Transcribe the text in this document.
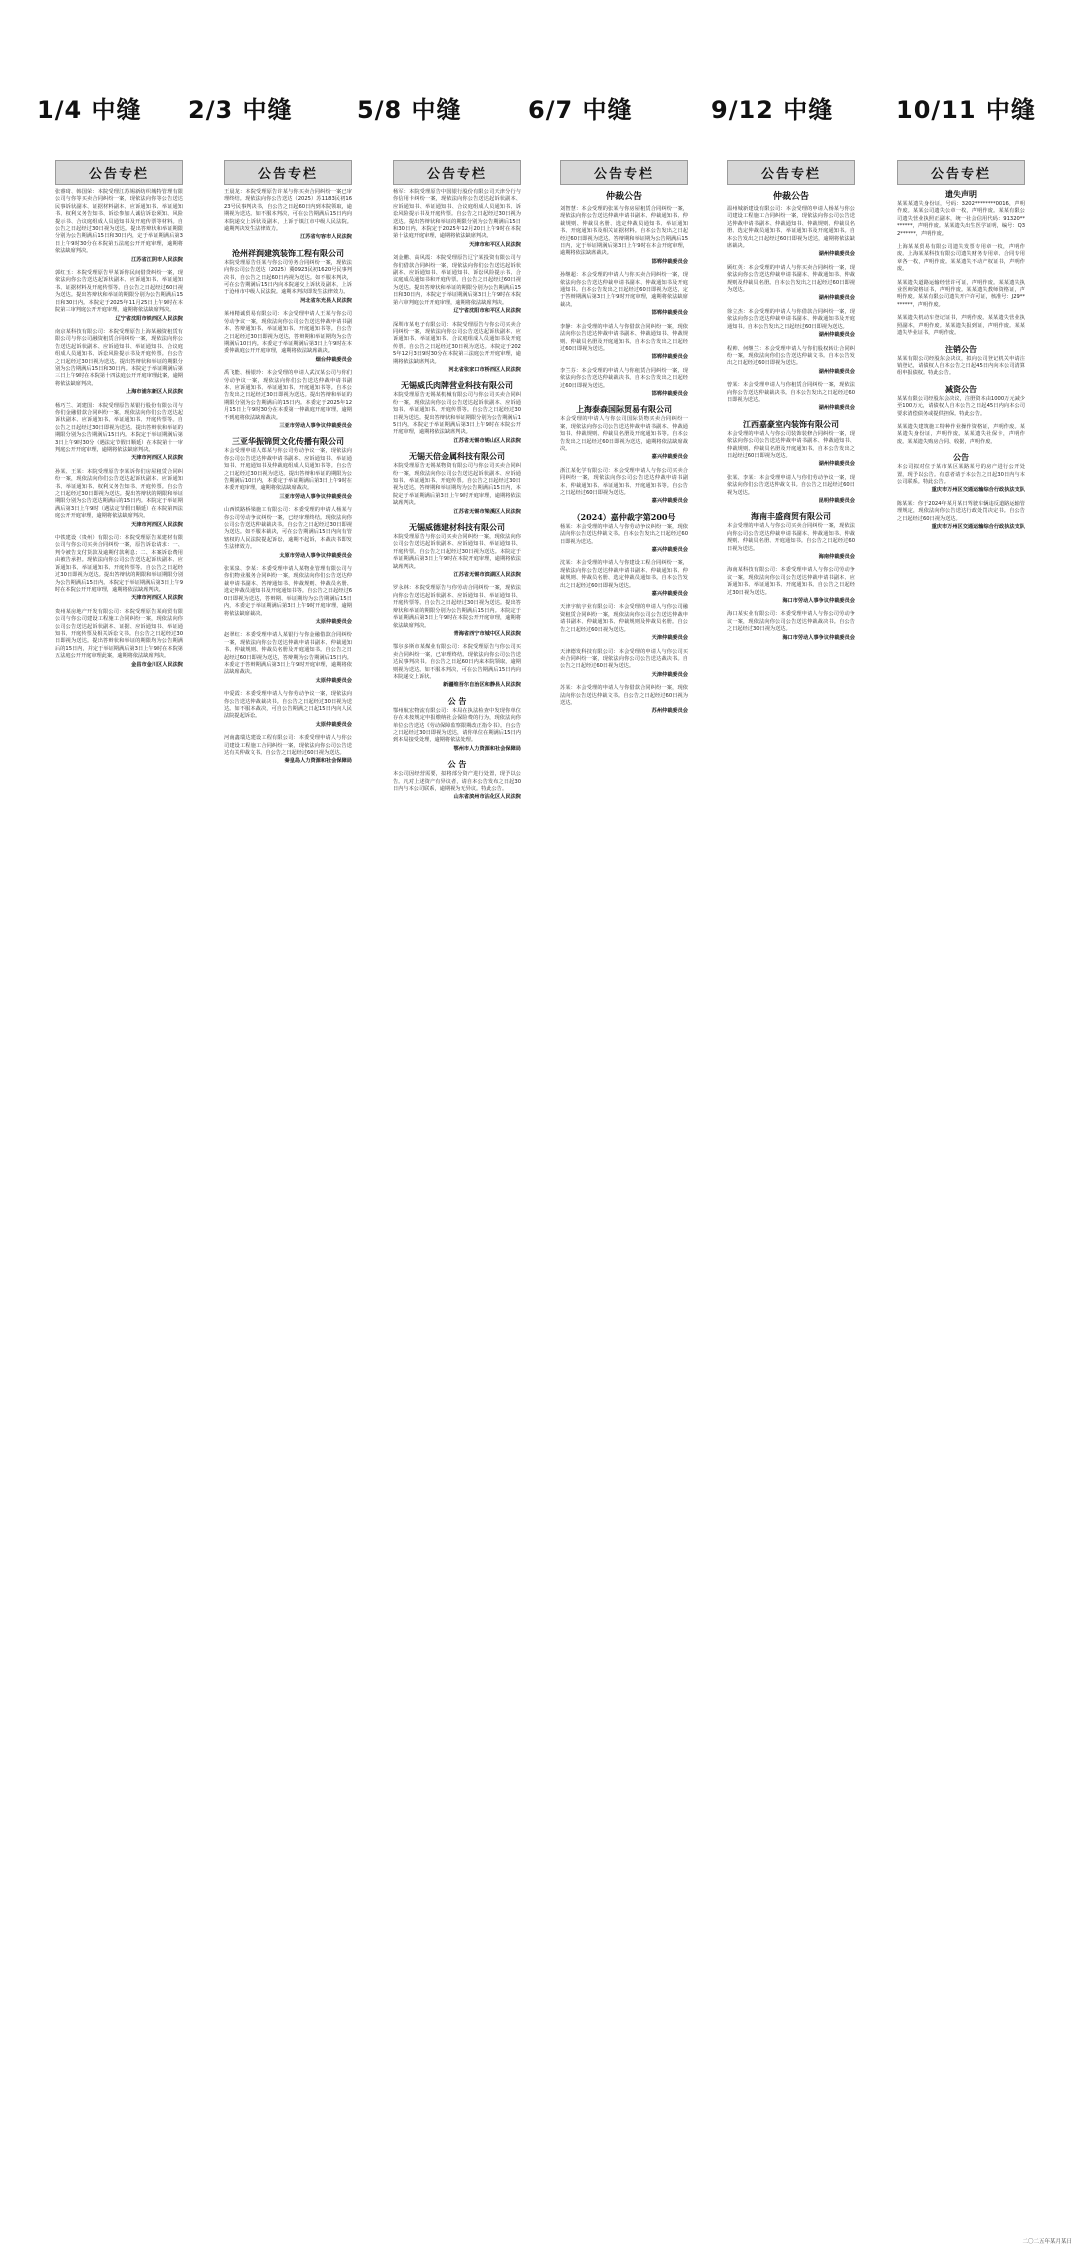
1/4 中缝 2/3 中缝	5/8 中缝	6/7 中缝	9/12 中缝	10/11 中缝
公告专栏

张睿琦、韩国荣：本院受理江苏锡新纺织城特管理有限公司与你等买卖合同纠纷一案，现依法向你等公告送达民事诉状副本、证据材料副本、应诉通知书、举证通知书、权利义务告知书、诉讼参加人诚信诉讼须知、风险提示书、合议庭组成人员通知书及开庭传票等材料。自公告之日起经过30日视为送达。提出答辩状和举证期限分别为公告期满后15日和30日内，定于举证期满后第3日上午9时30分在本院第五法庭公开开庭审理，逾期将依法缺席判决。

江苏省江阴市人民法院

郭红玉：本院受理原告甲某诉你民间借贷纠纷一案，现依法向你公告送达起诉状副本、应诉通知书、举证通知书、证据材料及开庭传票等。自公告之日起经过60日视为送达。提出答辩状和举证的期限分别为公告期满后15日和30日内。本院定于2025年11月25日上午9时在本院第三审判庭公开开庭审理，逾期将依法缺席判决。

辽宁省沈阳市铁西区人民法院

南京某科技有限公司：本院受理原告上海某融资租赁有限公司与你公司融资租赁合同纠纷一案，现依法向你公告送达起诉状副本、应诉通知书、举证通知书、合议庭组成人员通知书、诉讼风险提示书及开庭传票。自公告之日起经过30日视为送达。提出答辩状和举证的期限分别为公告期满后15日和30日内。本院定于举证期满后第三日上午9时在本院第十四法庭公开开庭审理此案，逾期将依法缺席判决。

上海市浦东新区人民法院

杨巧兰、刘建国：本院受理原告某银行股份有限公司与你们金融借款合同纠纷一案，现依法向你们公告送达起诉状副本、应诉通知书、举证通知书、开庭传票等。自公告之日起经过30日即视为送达。提出答辩状和举证的期限分别为公告期满后15日内。本院定于举证期满后第3日上午9时30分（遇法定节假日顺延）在本院第十一审判庭公开开庭审理，逾期将依法缺席判决。

天津市河西区人民法院

孙某、王某：本院受理原告李某诉你们房屋租赁合同纠纷一案，现依法向你们公告送达起诉状副本、应诉通知书、举证通知书、权利义务告知书、开庭传票。自公告之日起经过30日即视为送达。提出答辩状的期限和举证期限分别为公告送达期满后的15日内。本院定于举证期满后第3日上午9时（遇法定节假日顺延）在本院第四法庭公开开庭审理，逾期将依法缺席判决。

天津市河西区人民法院

中铁建设（贵州）有限公司：本院受理原告某建材有限公司与你公司买卖合同纠纷一案，原告诉讼请求：一、判令被告支付货款及逾期付款利息；二、本案诉讼费用由被告承担。现依法向你公司公告送达起诉状副本、应诉通知书、举证通知书、开庭传票等。自公告之日起经过30日即视为送达。提出答辩状的期限和举证期限分别为公告期满后15日内。本院定于举证期满后第3日上午9时在本院公开开庭审理，逾期将依法缺席判决。

天津市河西区人民法院

贵州某房地产开发有限公司：本院受理原告某商贸有限公司与你公司建设工程施工合同纠纷一案，现依法向你公司公告送达起诉状副本、证据、应诉通知书、举证通知书、开庭传票及相关诉讼文书。自公告之日起经过30日即视为送达。提出答辩状和举证的期限均为公告期满后的15日内，并定于举证期满后第3日上午9时在本院第五法庭公开开庭审理此案，逾期将依法缺席判决。

金昌市金川区人民法院
公告专栏

王晨龙：本院受理原告许某与你买卖合同纠纷一案已审理终结。现依法向你公告送达（2025）苏1183民初1623号民事判决书，自公告之日起60日内到本院领取，逾期视为送达。如不服本判决，可在公告期满后15日内向本院递交上诉状及副本，上诉于镇江市中级人民法院。逾期判决发生法律效力。

江苏省句容市人民法院
沧州祥润建筑装饰工程有限公司

本院受理原告任某与你公司劳务合同纠纷一案，现依法向你公司公告送达（2025）冀0923民初1620号民事判决书，自公告之日起60日内视为送达。如不服本判决，可在公告期满后15日内向本院递交上诉状及副本，上诉于沧州市中级人民法院。逾期本判决即发生法律效力。

河北省东光县人民法院

莱州精诚贸易有限公司：本会受理申请人王某与你公司劳动争议一案，现依法向你公司公告送达仲裁申请书副本、答辩通知书、举证通知书、开庭通知书等。自公告之日起经过30日即视为送达，答辩期和举证期均为公告期满后10日内。本委定于举证期满后第3日上午9时在本委仲裁庭公开开庭审理，逾期将依法缺席裁决。

烟台仲裁委员会

禹飞能、杨银玲：本会受理的申请人武汉某公司与你们劳动争议一案，现依法向你们公告送达仲裁申请书副本、应诉通知书、举证通知书、开庭通知书等。自本公告发出之日起经过30日即视为送达。提出答辩和举证的期限分别为公告期满后的15日内。本委定于2025年12月15日上午9时30分在本委第一仲裁庭开庭审理，逾期不到庭将依法缺席裁决。

三亚市劳动人事争议仲裁委员会
三亚华振锦贸文化传播有限公司

本会受理申请人郑某与你公司劳动争议一案，现依法向你公司公告送达仲裁申请书副本、应诉通知书、举证通知书、开庭通知书及仲裁庭组成人员通知书等。自公告之日起经过30日视为送达。提出答辩和举证的期限为公告期满后10日内，本委定于举证期满后第3日上午9时在本委开庭审理，逾期将依法缺席裁决。

三亚市劳动人事争议仲裁委员会

山西铁路桥梁施工有限公司：本委受理的申请人杨某与你公司劳动争议纠纷一案，已经审理终结。现依法向你公司公告送达仲裁裁决书。自公告之日起经过30日即视为送达。如不服本裁决，可在公告期满后15日内向有管辖权的人民法院提起诉讼，逾期不起诉，本裁决书即发生法律效力。

太原市劳动人事争议仲裁委员会

张某泉、李某：本委受理申请人某物业管理有限公司与你们物业服务合同纠纷一案，现依法向你们公告送达仲裁申请书副本、答辩通知书、仲裁规则、仲裁员名册、选定仲裁员通知书及开庭通知书等。自公告之日起经过60日即视为送达，答辩期、举证期均为公告期满后15日内，本委定于举证期满后第3日上午9时开庭审理，逾期将依法缺席裁决。

太原仲裁委员会

赵翠红：本委受理申请人某银行与你金融借款合同纠纷一案，现依法向你公告送达仲裁申请书副本、仲裁通知书、仲裁规则、仲裁员名册及开庭通知书。自公告之日起经过60日即视为送达，答辩期为公告期满后15日内。本委定于答辩期满后第3日上午9时开庭审理，逾期将依法缺席裁决。

太原仲裁委员会

申爱霞：本委受理申请人与你劳动争议一案，现依法向你公告送达仲裁裁决书。自公告之日起经过30日视为送达。如不服本裁决，可自公告期满之日起15日内向人民法院提起诉讼。

太原仲裁委员会

河南鑫瑞达建设工程有限公司：本委受理申请人与你公司建设工程施工合同纠纷一案，现依法向你公司公告送达有关仲裁文书。自公告之日起经过60日视为送达。

秦皇岛人力资源和社会保障局
公告专栏

杨军：本院受理原告中国银行股份有限公司天津分行与你信用卡纠纷一案，现依法向你公告送达起诉状副本、应诉通知书、举证通知书、合议庭组成人员通知书、诉讼风险提示书及开庭传票。自公告之日起经过30日视为送达。提出答辩状和举证的期限分别为公告期满后15日和30日内，本院定于2025年12月20日上午9时在本院第十法庭开庭审理，逾期将依法缺席判决。

天津市和平区人民法院

刘金鹏、高风霞：本院受理原告辽宁某投资有限公司与你们借款合同纠纷一案，现依法向你们公告送达起诉状副本、应诉通知书、举证通知书、诉讼风险提示书、合议庭成员通知书和开庭传票。自公告之日起经过60日视为送达。提出答辩状和举证的期限分别为公告期满后15日和30日内，本院定于举证期满后第3日上午9时在本院第六审判庭公开开庭审理，逾期将依法缺席判决。

辽宁省沈阳市和平区人民法院

深圳市某电子有限公司：本院受理原告与你公司买卖合同纠纷一案，现依法向你公司公告送达起诉状副本、应诉通知书、举证通知书、合议庭组成人员通知书及开庭传票。自公告之日起经过30日视为送达。本院定于2025年12月3日9时30分在本院第三法庭公开开庭审理，逾期将依法缺席判决。

河北省张家口市桥西区人民法院
无锡威氏肉牌营业科技有限公司

本院受理原告无锡某机械有限公司与你公司买卖合同纠纷一案，现依法向你公司公告送达起诉状副本、应诉通知书、举证通知书、开庭传票等。自公告之日起经过30日视为送达。提出答辩状和举证期限分别为公告期满后15日内，本院定于举证期满后第3日上午9时在本院公开开庭审理，逾期将依法缺席判决。

江苏省无锡市锡山区人民法院
无锡天倍金属科技有限公司

本院受理原告无锡某物资有限公司与你公司买卖合同纠纷一案，现依法向你公司公告送达起诉状副本、应诉通知书、举证通知书、开庭传票。自公告之日起经过30日视为送达，答辩期和举证期均为公告期满后15日内，本院定于举证期满后第3日上午9时开庭审理，逾期将依法缺席判决。

江苏省无锡市梁溪区人民法院
无锡威德建材科技有限公司

本院受理原告与你公司买卖合同纠纷一案，现依法向你公司公告送达起诉状副本、应诉通知书、举证通知书、开庭传票。自公告之日起经过30日视为送达。本院定于举证期满后第3日上午9时在本院开庭审理，逾期将依法缺席判决。

江苏省无锡市滨湖区人民法院

罗永林：本院受理原告与你劳动合同纠纷一案，现依法向你公告送达起诉状副本、应诉通知书、举证通知书、开庭传票等。自公告之日起经过30日视为送达。提出答辩状和举证的期限分别为公告期满后15日内。本院定于举证期满后第3日上午9时在本院公开开庭审理，逾期将依法缺席判决。

青海省西宁市城中区人民法院

鄂尔多斯市某煤业有限公司：本院受理原告与你公司买卖合同纠纷一案，已审理终结。现依法向你公司公告送达民事判决书。自公告之日起60日内来本院领取，逾期则视为送达。如不服本判决，可在公告期满后15日内向本院递交上诉状。

新疆维吾尔自治区和静县人民法院
公 告

鄂州航宏物流有限公司：本局在执法检查中发现你单位存在未按规定申报缴纳社会保险费的行为，现依法向你单位公告送达《劳动保障监察限期改正指令书》。自公告之日起经过30日即视为送达，请你单位在期满后15日内到本局接受处理，逾期将依法处理。

鄂州市人力资源和社会保障局
公 告

本公司因经营需要，拟将部分资产进行处置，现予以公告。凡对上述资产有异议者，请自本公告发布之日起30日内与本公司联系，逾期视为无异议。特此公告。

山东省滨州市沾化区人民法院
公告专栏
仲裁公告

刘智慧：本会受理的张某与你房屋租赁合同纠纷一案，现依法向你公告送达仲裁申请书副本、仲裁通知书、仲裁规则、仲裁员名册、选定仲裁员通知书、举证通知书、开庭通知书及相关证据材料。自本公告发出之日起经过60日即视为送达。答辩期和举证期为公告期满后15日内，定于举证期满后第3日上午9时在本会开庭审理，逾期将依法缺席裁决。

邯郸仲裁委员会

孙继超：本会受理的申请人与你买卖合同纠纷一案，现依法向你公告送达仲裁申请书副本、仲裁通知书及开庭通知书。自本公告发出之日起经过60日即视为送达，定于答辩期满后第3日上午9时开庭审理，逾期将依法缺席裁决。

邯郸仲裁委员会

李静：本会受理的申请人与你借款合同纠纷一案，现依法向你公告送达仲裁申请书副本、仲裁通知书、仲裁规则、仲裁员名册及开庭通知书。自本公告发出之日起经过60日即视为送达。

邯郸仲裁委员会

李兰芬：本会受理的申请人与你租赁合同纠纷一案，现依法向你公告送达仲裁裁决书。自本公告发出之日起经过60日即视为送达。

邯郸仲裁委员会
上海泰森国际贸易有限公司

本会受理的申请人与你公司国际货物买卖合同纠纷一案，现依法向你公司公告送达仲裁申请书副本、仲裁通知书、仲裁规则、仲裁员名册及开庭通知书等。自本公告发出之日起经过60日即视为送达，逾期将依法缺席裁决。

嘉兴仲裁委员会

浙江某化学有限公司：本会受理申请人与你公司买卖合同纠纷一案，现依法向你公司公告送达仲裁申请书副本、仲裁通知书、举证通知书、开庭通知书等。自公告之日起经过60日即视为送达。

嘉兴仲裁委员会
（2024）嘉仲裁字第200号

杨某：本会受理的申请人与你劳动争议纠纷一案，现依法向你公告送达仲裁文书。自本公告发出之日起经过60日即视为送达。

嘉兴仲裁委员会

沈某：本会受理的申请人与你建设工程合同纠纷一案，现依法向你公告送达仲裁申请书副本、仲裁通知书、仲裁规则、仲裁员名册、选定仲裁员通知书。自本公告发出之日起经过60日即视为送达。

嘉兴仲裁委员会

天津宇航宇业有限公司：本会受理的申请人与你公司融资租赁合同纠纷一案，现依法向你公司公告送达仲裁申请书副本、仲裁通知书、仲裁规则及仲裁员名册。自公告之日起经过60日视为送达。

天津仲裁委员会

天津德发科技有限公司：本会受理的申请人与你公司买卖合同纠纷一案，现依法向你公司公告送达裁决书。自公告之日起经过60日视为送达。

天津仲裁委员会

苏某：本会受理的申请人与你借款合同纠纷一案，现依法向你公告送达仲裁文书。自公告之日起经过60日视为送达。

苏州仲裁委员会
公告专栏
仲裁公告

温州城新建设有限公司：本会受理的申请人杨某与你公司建设工程施工合同纠纷一案，现依法向你公司公告送达仲裁申请书副本、仲裁通知书、仲裁规则、仲裁员名册、选定仲裁员通知书、举证通知书及开庭通知书。自本公告发出之日起经过60日即视为送达，逾期将依法缺席裁决。

湖州仲裁委员会

顾红英：本会受理的申请人与你买卖合同纠纷一案，现依法向你公告送达仲裁申请书副本、仲裁通知书、仲裁规则及仲裁员名册。自本公告发出之日起经过60日即视为送达。

湖州仲裁委员会

徐立杰：本会受理的申请人与你借款合同纠纷一案，现依法向你公告送达仲裁申请书副本、仲裁通知书及开庭通知书。自本公告发出之日起经过60日即视为送达。

湖州仲裁委员会

程帅、何继兰：本会受理申请人与你们股权转让合同纠纷一案，现依法向你们公告送达仲裁文书。自本公告发出之日起经过60日即视为送达。

湖州仲裁委员会

曾某：本会受理申请人与你租赁合同纠纷一案，现依法向你公告送达仲裁裁决书。自本公告发出之日起经过60日即视为送达。

湖州仲裁委员会
江西嘉豪室内装饰有限公司

本会受理的申请人与你公司装饰装修合同纠纷一案，现依法向你公司公告送达仲裁申请书副本、仲裁通知书、仲裁规则、仲裁员名册及开庭通知书。自本公告发出之日起经过60日即视为送达。

湖州仲裁委员会

张某、李某：本会受理申请人与你们劳动争议一案，现依法向你们公告送达仲裁文书。自公告之日起经过60日视为送达。

昆明仲裁委员会
海南丰盛商贸有限公司

本会受理的申请人与你公司买卖合同纠纷一案，现依法向你公司公告送达仲裁申请书副本、仲裁通知书、仲裁规则、仲裁员名册、开庭通知书。自公告之日起经过60日视为送达。

海南仲裁委员会

海南某科技有限公司：本委受理申请人与你公司劳动争议一案，现依法向你公司公告送达仲裁申请书副本、应诉通知书、举证通知书、开庭通知书。自公告之日起经过30日视为送达。

海口市劳动人事争议仲裁委员会

海口某实业有限公司：本委受理申请人与你公司劳动争议一案，现依法向你公司公告送达仲裁裁决书。自公告之日起经过30日视为送达。

海口市劳动人事争议仲裁委员会
公告专栏
遗失声明

某某某遗失身份证，号码：3202********0016，声明作废。某某公司遗失公章一枚，声明作废。某某有限公司遗失营业执照正副本，统一社会信用代码：91320********，声明作废。某某遗失出生医学证明，编号：Q32******，声明作废。

上海某某贸易有限公司遗失发票专用章一枚，声明作废。上海某某科技有限公司遗失财务专用章、合同专用章各一枚，声明作废。某某遗失不动产权证书，声明作废。

某某遗失道路运输经营许可证，声明作废。某某遗失执业医师资格证书，声明作废。某某遗失教师资格证，声明作废。某某有限公司遗失开户许可证，核准号：J29********，声明作废。

某某遗失机动车登记证书，声明作废。某某遗失营业执照副本，声明作废。某某遗失报到证，声明作废。某某遗失毕业证书，声明作废。

注销公告

某某有限公司经股东会决议，拟向公司登记机关申请注销登记，请债权人自本公告之日起45日内向本公司清算组申报债权。特此公告。

减资公告

某某有限公司经股东会决议，注册资本由1000万元减少至100万元，请债权人自本公告之日起45日内向本公司要求清偿债务或提供担保。特此公告。

某某遗失建筑施工特种作业操作资格证，声明作废。某某遗失身份证，声明作废。某某遗失社保卡，声明作废。某某遗失购房合同、收据，声明作废。

公告

本公司拟对位于某市某区某路某号的房产进行公开处置，现予以公告。有意者请于本公告之日起30日内与本公司联系。特此公告。

重庆市万州区交通运输综合行政执法支队

陈某某：你于2024年某月某日驾驶车辆违反道路运输管理规定，现依法向你公告送达行政处罚决定书。自公告之日起经过60日视为送达。

重庆市万州区交通运输综合行政执法支队
二〇二五年某月某日
